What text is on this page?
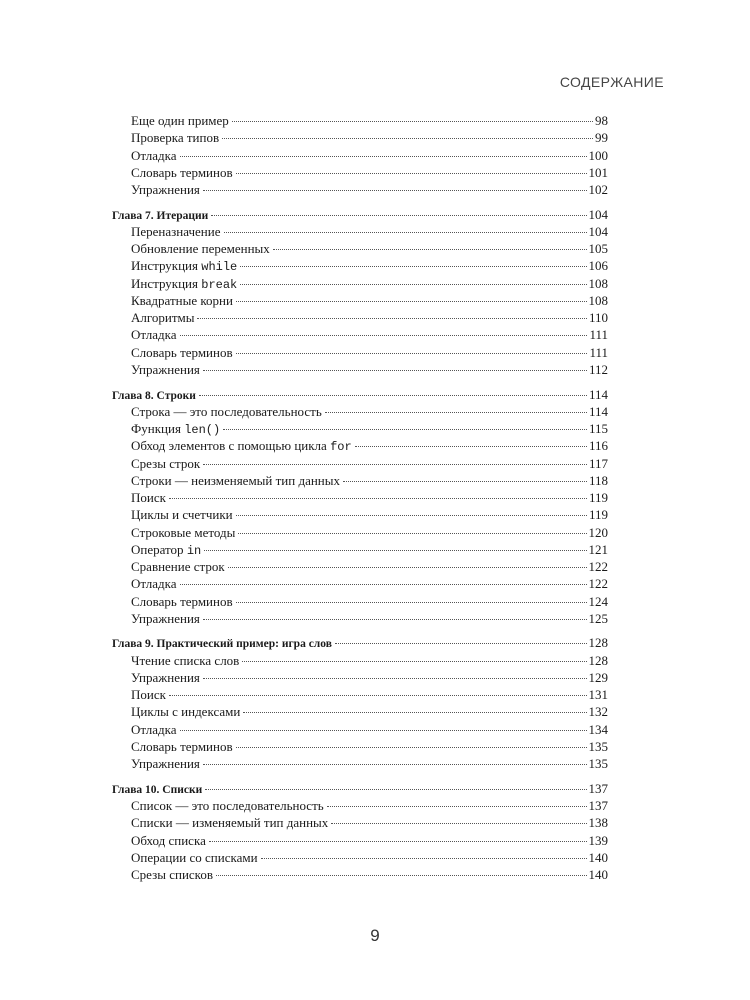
СОДЕРЖАНИЕ
Еще один пример	98
Проверка типов	99
Отладка	100
Словарь терминов	101
Упражнения	102
Глава 7. Итерации	104
Переназначение	104
Обновление переменных	105
Инструкция while	106
Инструкция break	108
Квадратные корни	108
Алгоритмы	110
Отладка	111
Словарь терминов	111
Упражнения	112
Глава 8. Строки	114
Строка — это последовательность	114
Функция len()	115
Обход элементов с помощью цикла for	116
Срезы строк	117
Строки — неизменяемый тип данных	118
Поиск	119
Циклы и счетчики	119
Строковые методы	120
Оператор in	121
Сравнение строк	122
Отладка	122
Словарь терминов	124
Упражнения	125
Глава 9. Практический пример: игра слов	128
Чтение списка слов	128
Упражнения	129
Поиск	131
Циклы с индексами	132
Отладка	134
Словарь терминов	135
Упражнения	135
Глава 10. Списки	137
Список — это последовательность	137
Списки — изменяемый тип данных	138
Обход списка	139
Операции со списками	140
Срезы списков	140
9
